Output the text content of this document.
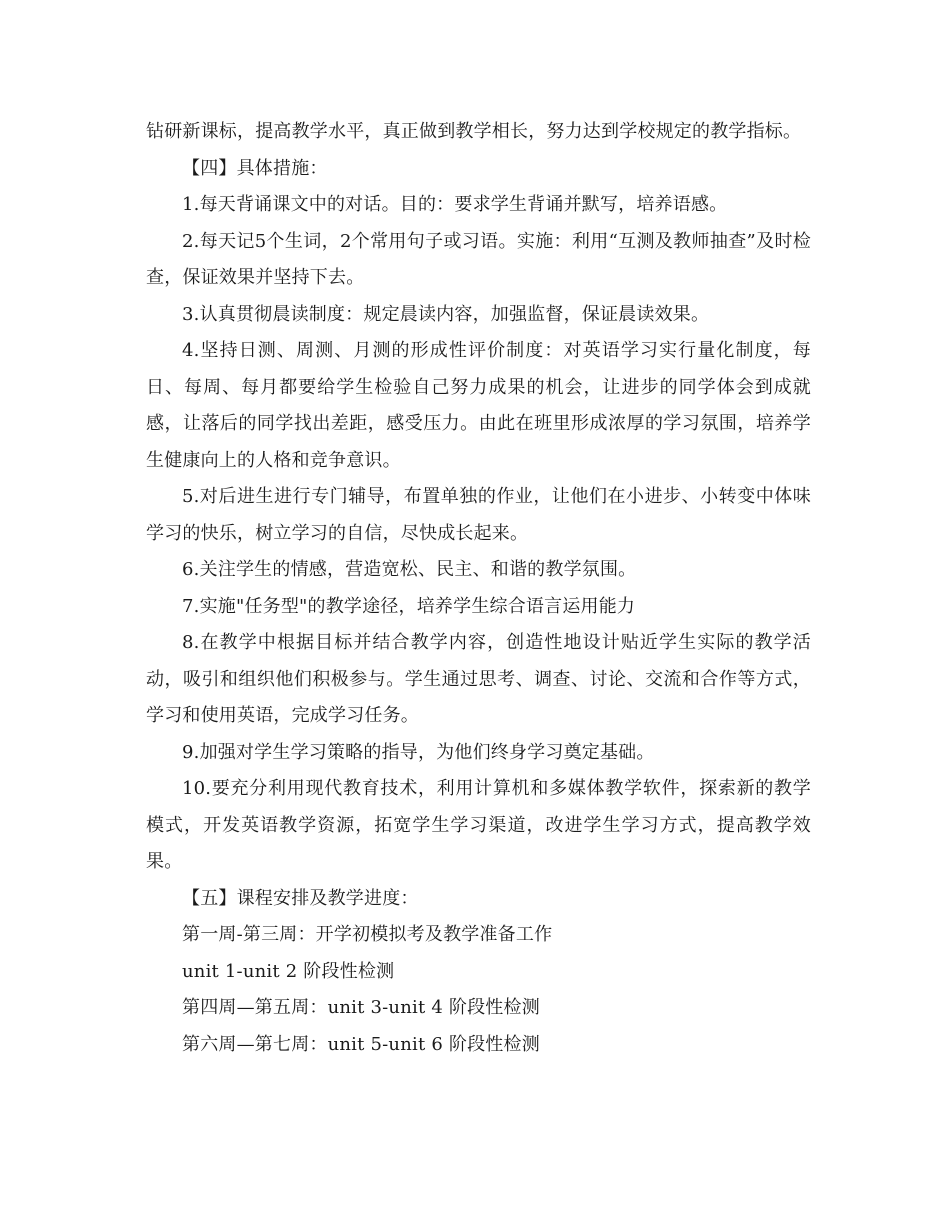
钻研新课标，提高教学水平，真正做到教学相长，努力达到学校规定的教学指标。

【四】具体措施：

1.每天背诵课文中的对话。目的：要求学生背诵并默写，培养语感。

2.每天记5个生词，2个常用句子或习语。实施：利用“互测及教师抽查”及时检查，保证效果并坚持下去。

3.认真贯彻晨读制度：规定晨读内容，加强监督，保证晨读效果。

4.坚持日测、周测、月测的形成性评价制度：对英语学习实行量化制度，每日、每周、每月都要给学生检验自己努力成果的机会，让进步的同学体会到成就感，让落后的同学找出差距，感受压力。由此在班里形成浓厚的学习氛围，培养学生健康向上的人格和竞争意识。

5.对后进生进行专门辅导，布置单独的作业，让他们在小进步、小转变中体味学习的快乐，树立学习的自信，尽快成长起来。

6.关注学生的情感，营造宽松、民主、和谐的教学氛围。

7.实施"任务型"的教学途径，培养学生综合语言运用能力

8.在教学中根据目标并结合教学内容，创造性地设计贴近学生实际的教学活动，吸引和组织他们积极参与。学生通过思考、调查、讨论、交流和合作等方式，学习和使用英语，完成学习任务。

9.加强对学生学习策略的指导，为他们终身学习奠定基础。

10.要充分利用现代教育技术，利用计算机和多媒体教学软件，探索新的教学模式，开发英语教学资源，拓宽学生学习渠道，改进学生学习方式，提高教学效果。

【五】课程安排及教学进度：

第一周-第三周：开学初模拟考及教学准备工作

unit 1-unit 2 阶段性检测

第四周—第五周：unit 3-unit 4 阶段性检测

第六周—第七周：unit 5-unit 6 阶段性检测
